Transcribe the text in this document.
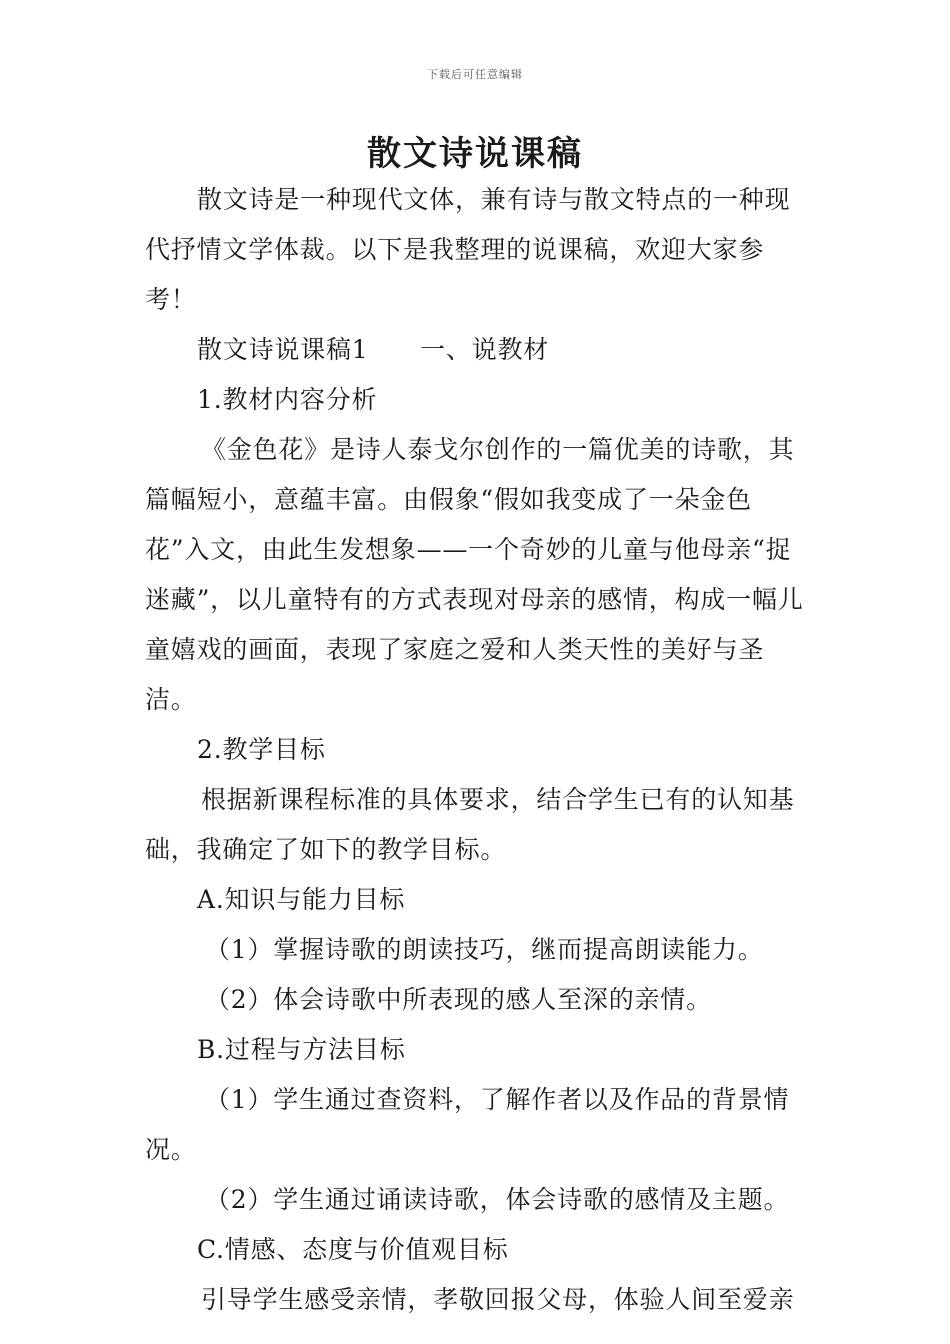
下载后可任意编辑
散文诗说课稿

散文诗是一种现代文体，兼有诗与散文特点的一种现代抒情文学体裁。以下是我整理的说课稿，欢迎大家参考！

散文诗说课稿1　　一、说教材

1.教材内容分析

《金色花》是诗人泰戈尔创作的一篇优美的诗歌，其篇幅短小，意蕴丰富。由假象“假如我变成了一朵金色花”入文，由此生发想象——一个奇妙的儿童与他母亲“捉迷藏”，以儿童特有的方式表现对母亲的感情，构成一幅儿童嬉戏的画面，表现了家庭之爱和人类天性的美好与圣洁。

2.教学目标

根据新课程标准的具体要求，结合学生已有的认知基础，我确定了如下的教学目标。

A.知识与能力目标

（1）掌握诗歌的朗读技巧，继而提高朗读能力。

（2）体会诗歌中所表现的感人至深的亲情。

B.过程与方法目标

（1）学生通过查资料，了解作者以及作品的背景情况。

（2）学生通过诵读诗歌，体会诗歌的感情及主题。

C.情感、态度与价值观目标

引导学生感受亲情，孝敬回报父母，体验人间至爱亲
